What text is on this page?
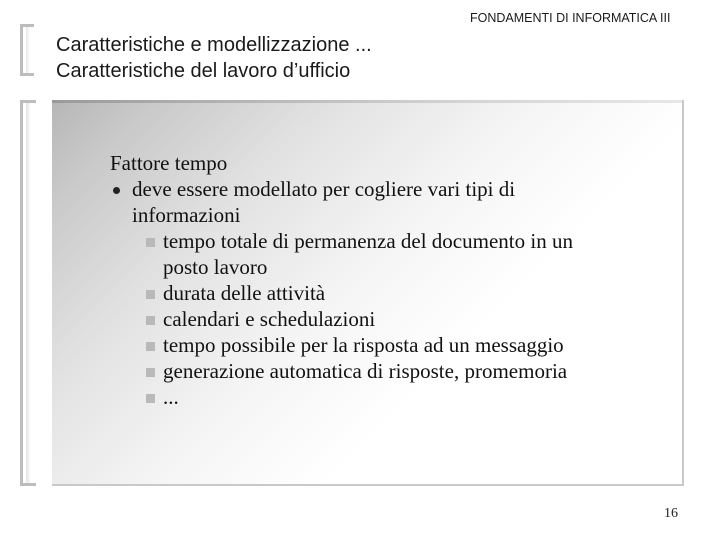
Caratteristiche e modellizzazione ...
Caratteristiche del lavoro d’ufficio
FONDAMENTI DI INFORMATICA III
Fattore tempo
deve essere modellato per cogliere vari tipi di
informazioni
tempo totale di permanenza del documento in un
posto lavoro
durata delle attività
calendari e schedulazioni
tempo possibile per la risposta ad un messaggio
generazione automatica di risposte, promemoria
...
16
